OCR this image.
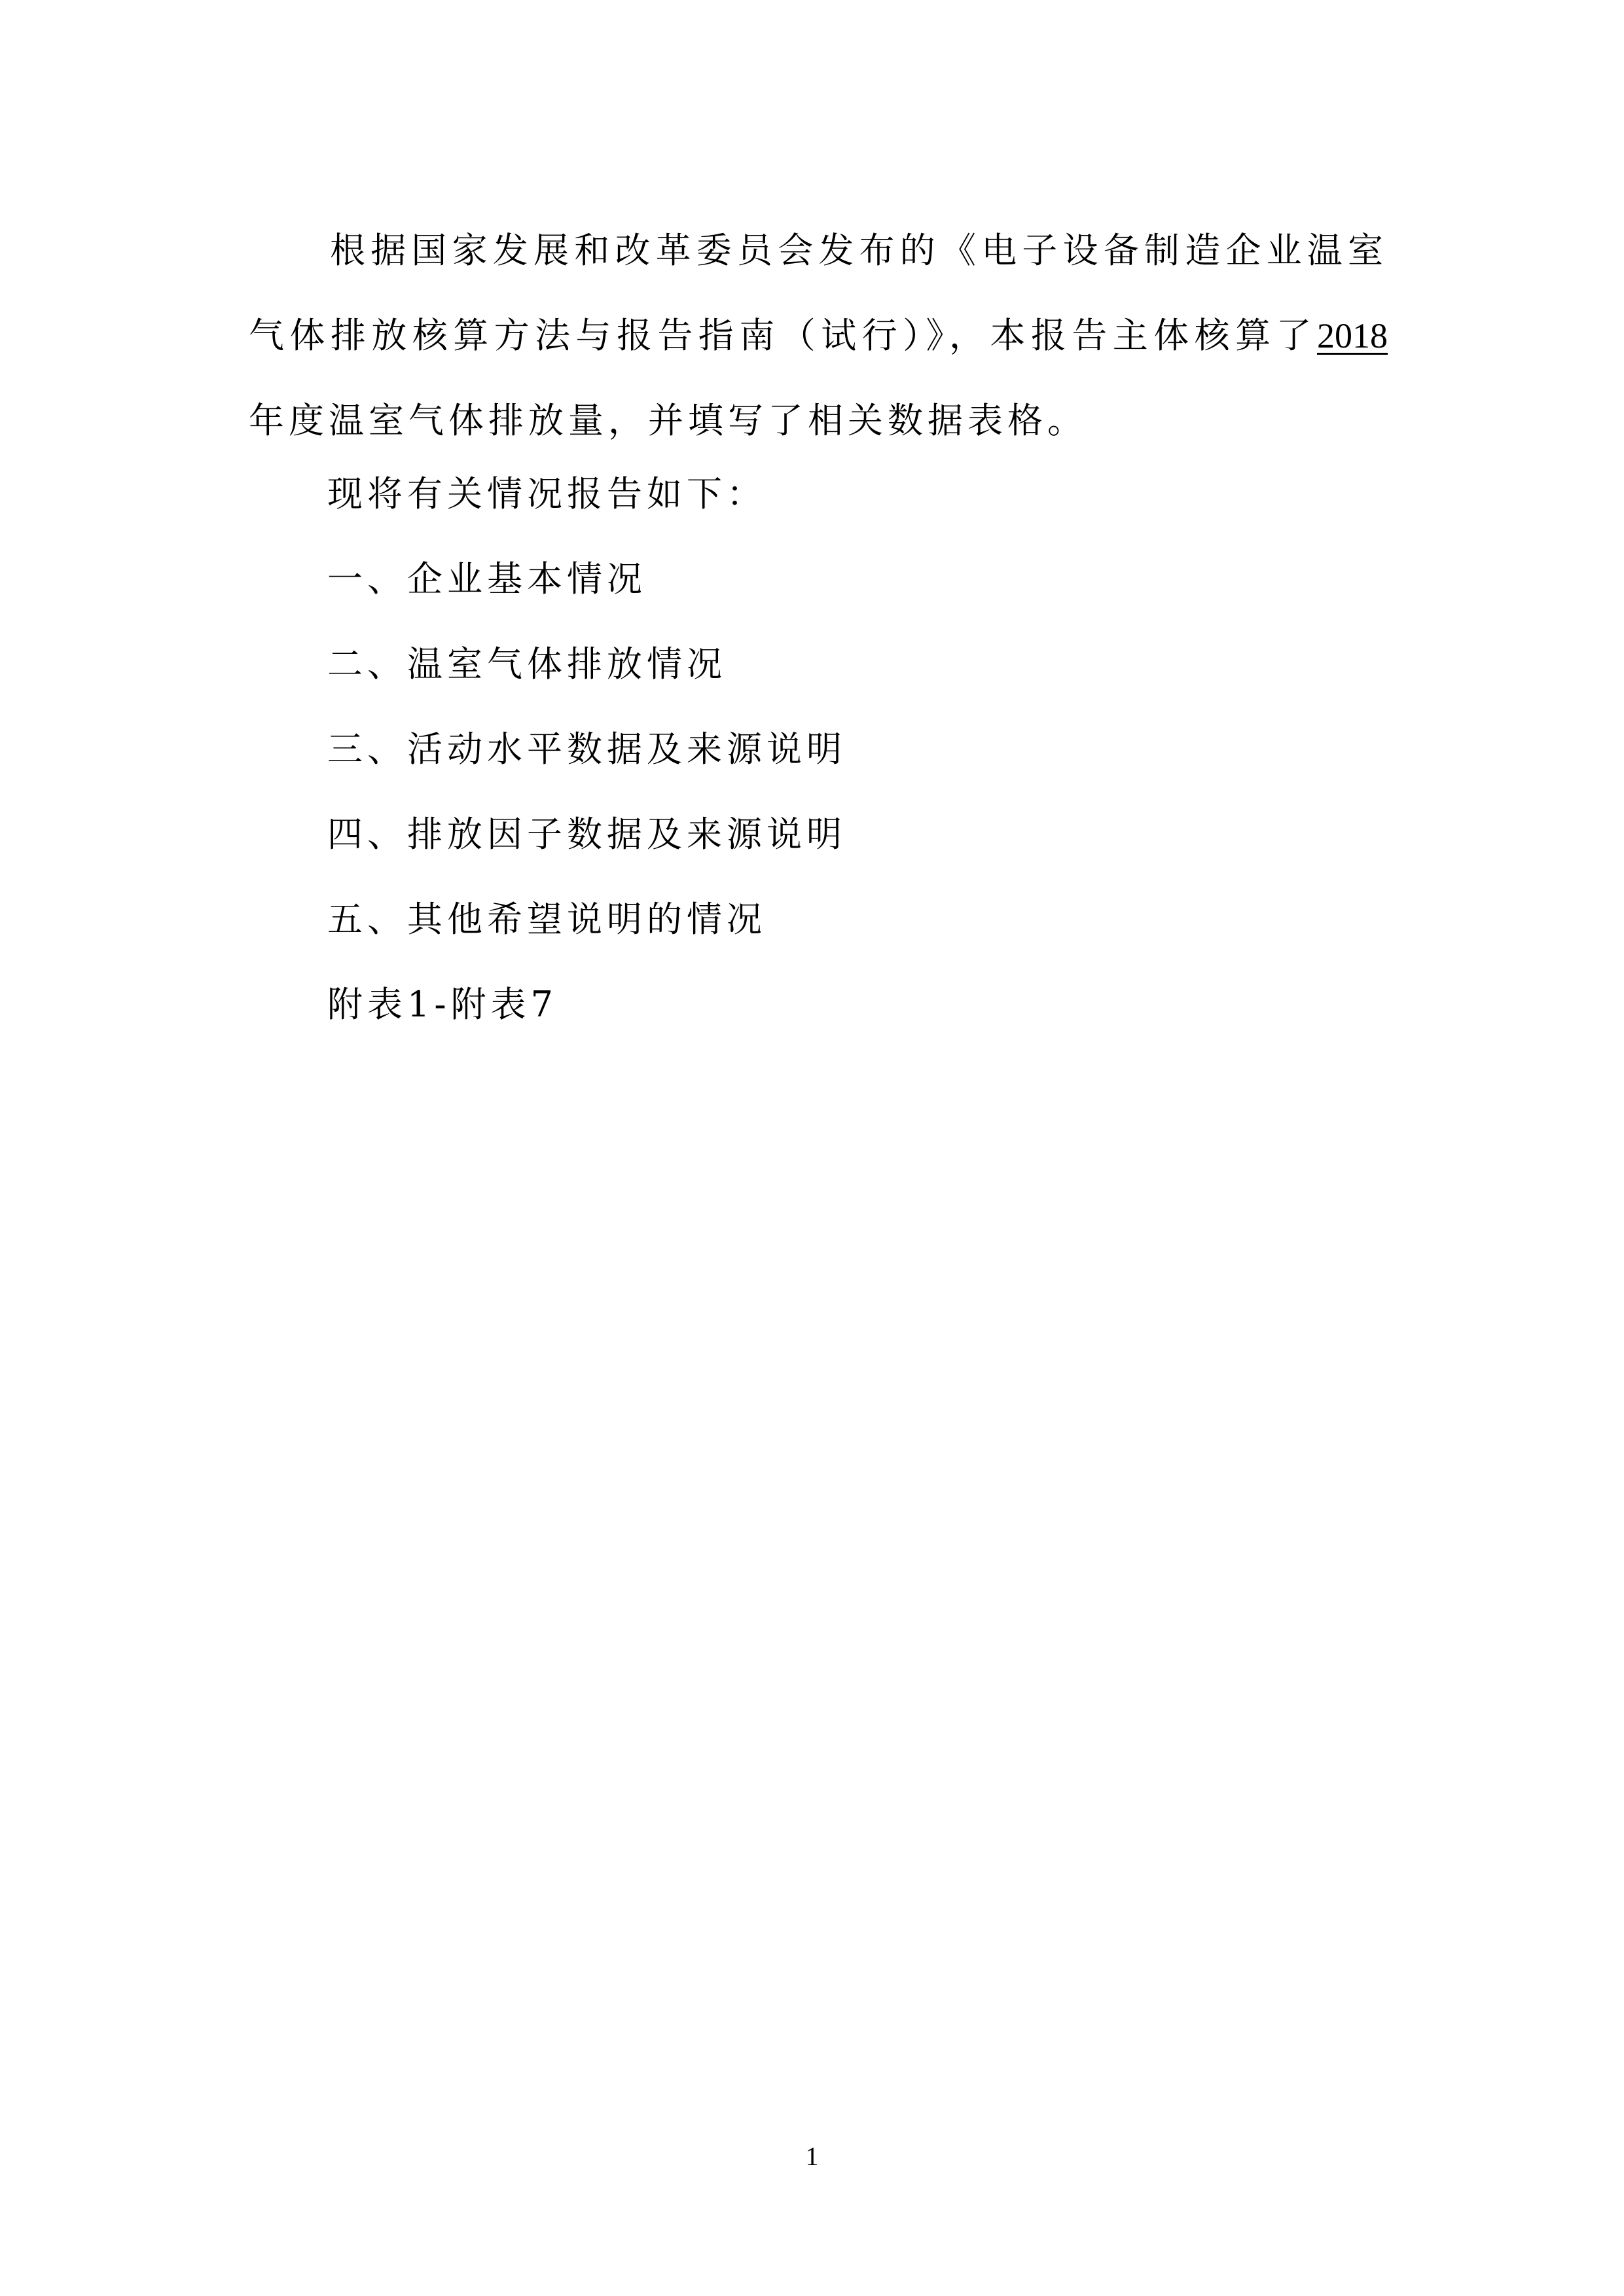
根据国家发展和改革委员会发布的《电子设备制造企业温室气体排放核算方法与报告指南（试行）》，本报告主体核算了2018年度温室气体排放量，并填写了相关数据表格。

现将有关情况报告如下：

一、企业基本情况

二、温室气体排放情况

三、活动水平数据及来源说明

四、排放因子数据及来源说明

五、其他希望说明的情况

附表1-附表7

1
